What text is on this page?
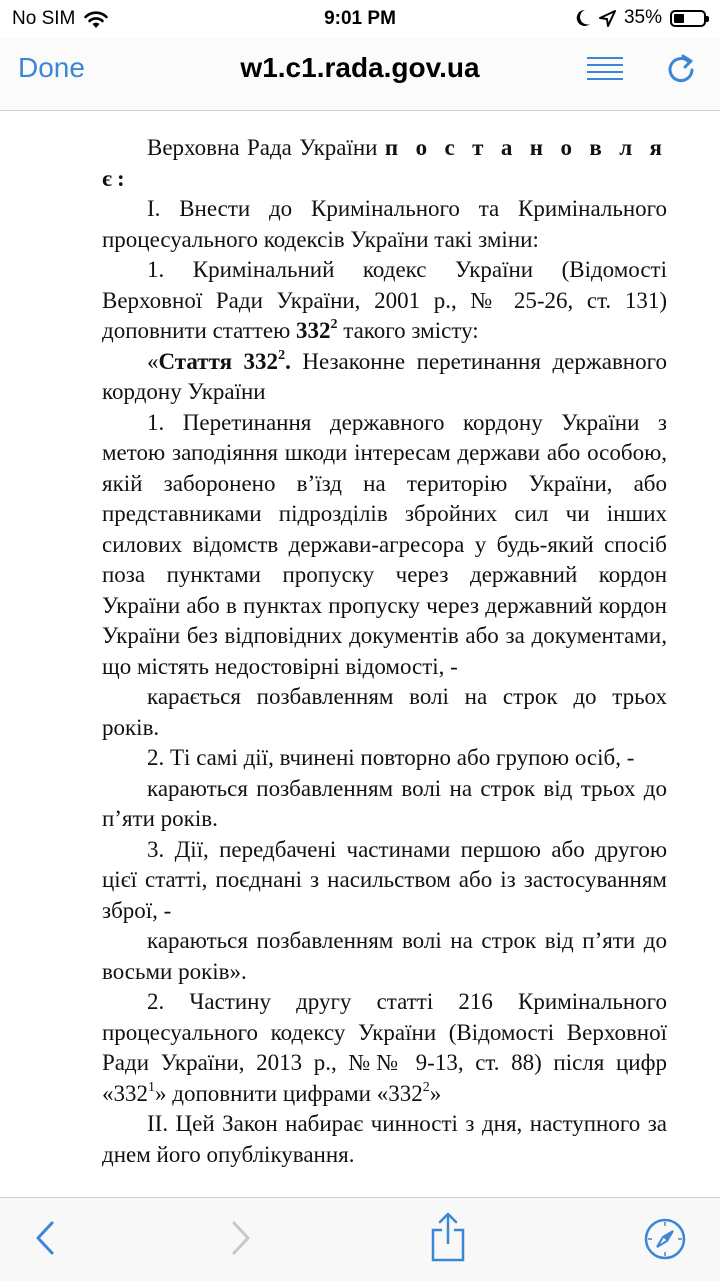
No SIM	9:01 PM	35%
Done	w1.c1.rada.gov.ua

Верховна Рада України п о с т а н о в л я є:

І. Внести до Кримінального та Кримінального процесуального кодексів України такі зміни:

1. Кримінальний кодекс України (Відомості Верховної Ради України, 2001 р., № 25-26, ст. 131) доповнити статтею $332^2$ такого змісту:

«Стаття $332^2$. Незаконне перетинання державного кордону України

1. Перетинання державного кордону України з метою заподіяння шкоди інтересам держави або особою, якій заборонено в’їзд на територію України, або представниками підрозділів збройних сил чи інших силових відомств держави-агресора у будь-який спосіб поза пунктами пропуску через державний кордон України або в пунктах пропуску через державний кордон України без відповідних документів або за документами, що містять недостовірні відомості, -

карається позбавленням волі на строк до трьох років.

2. Ті самі дії, вчинені повторно або групою осіб, -

караються позбавленням волі на строк від трьох до п’яти років.

3. Дії, передбачені частинами першою або другою цієї статті, поєднані з насильством або із застосуванням зброї, -

караються позбавленням волі на строк від п’яти до восьми років».

2. Частину другу статті 216 Кримінального процесуального кодексу України (Відомості Верховної Ради України, 2013 р., №№ 9-13, ст. 88) після цифр «$332^1$» доповнити цифрами «$332^2$»

ІІ. Цей Закон набирає чинності з дня, наступного за днем його опублікування.
